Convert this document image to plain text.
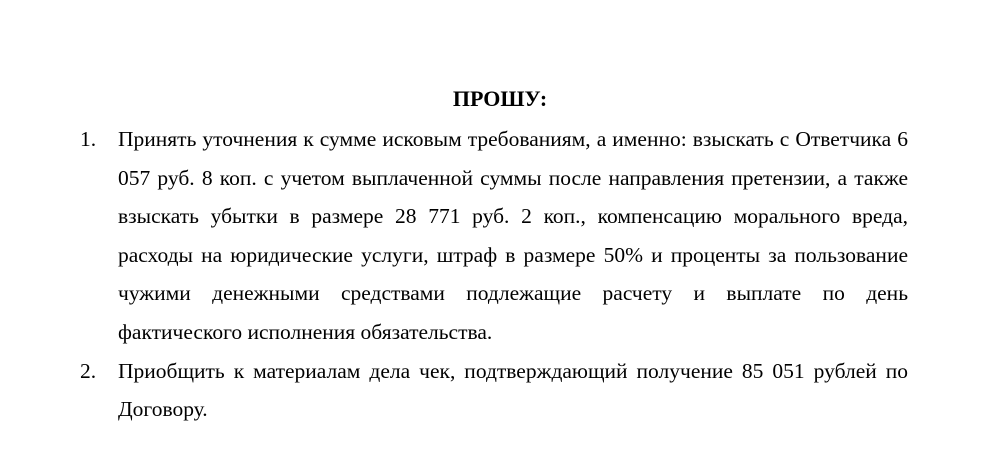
ПРОШУ:
1. Принять уточнения к сумме исковым требованиям, а именно: взыскать с Ответчика 6 057 руб. 8 коп. с учетом выплаченной суммы после направления претензии, а также взыскать убытки в размере 28 771 руб. 2 коп., компенсацию морального вреда, расходы на юридические услуги, штраф в размере 50% и проценты за пользование чужими денежными средствами подлежащие расчету и выплате по день фактического исполнения обязательства.
2. Приобщить к материалам дела чек, подтверждающий получение 85 051 рублей по Договору.
